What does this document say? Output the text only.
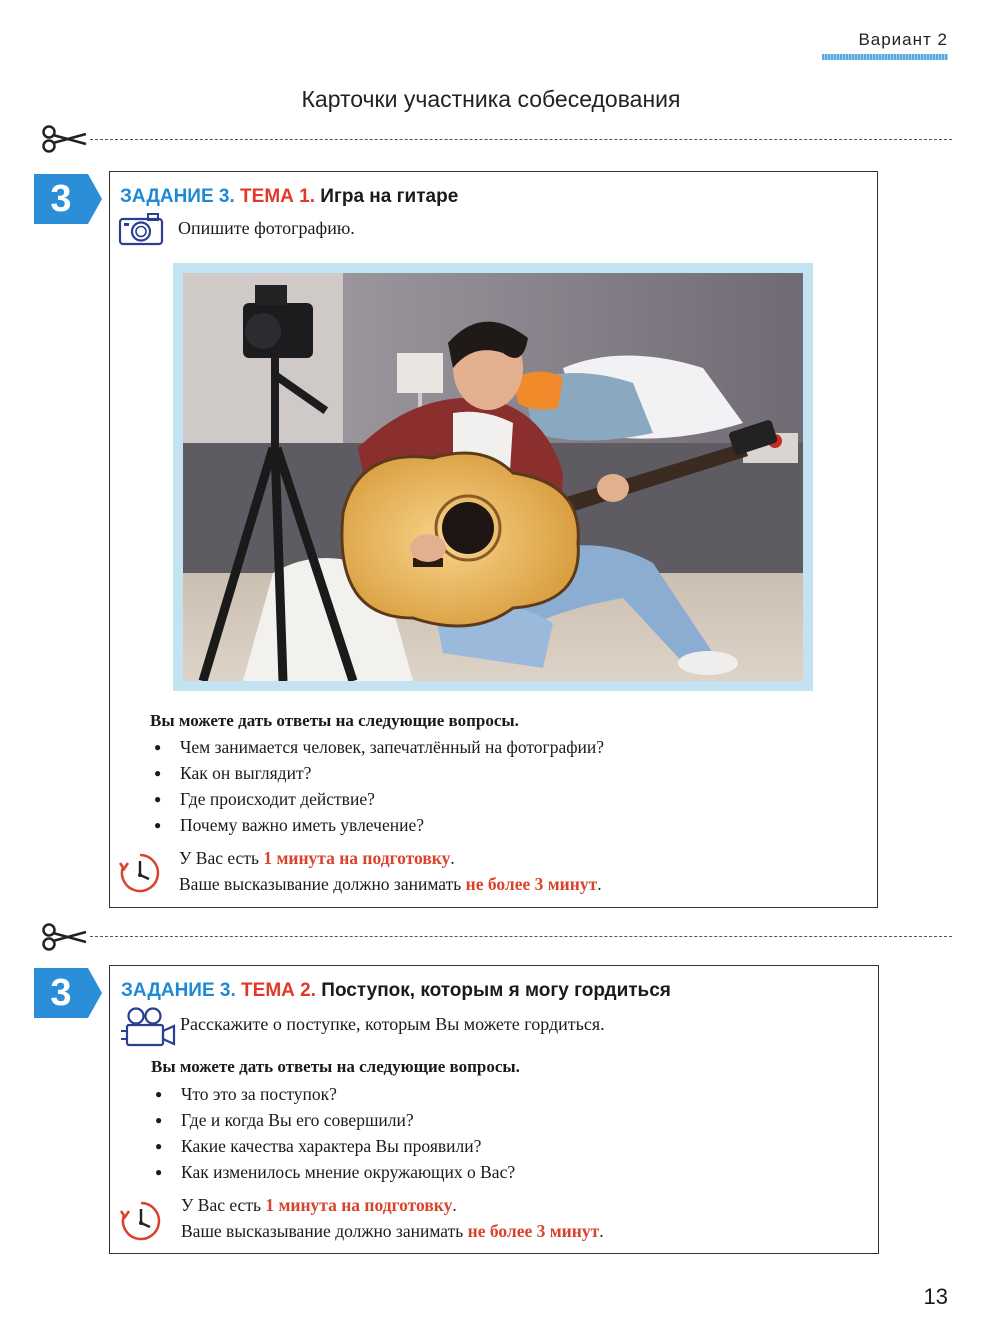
Вариант 2
Карточки участника собеседования
3	ЗАДАНИЕ 3. ТЕМА 1. Игра на гитаре
Опишите фотографию.
Вы можете дать ответы на следующие вопросы.
● Чем занимается человек, запечатлённый на фотографии?
● Как он выглядит?
● Где происходит действие?
● Почему важно иметь увлечение?
У Вас есть 1 минута на подготовку.
Ваше высказывание должно занимать не более 3 минут.
3	ЗАДАНИЕ 3. ТЕМА 2. Поступок, которым я могу гордиться
Расскажите о поступке, которым Вы можете гордиться.
Вы можете дать ответы на следующие вопросы.
● Что это за поступок?
● Где и когда Вы его совершили?
● Какие качества характера Вы проявили?
● Как изменилось мнение окружающих о Вас?
У Вас есть 1 минута на подготовку.
Ваше высказывание должно занимать не более 3 минут.
13
